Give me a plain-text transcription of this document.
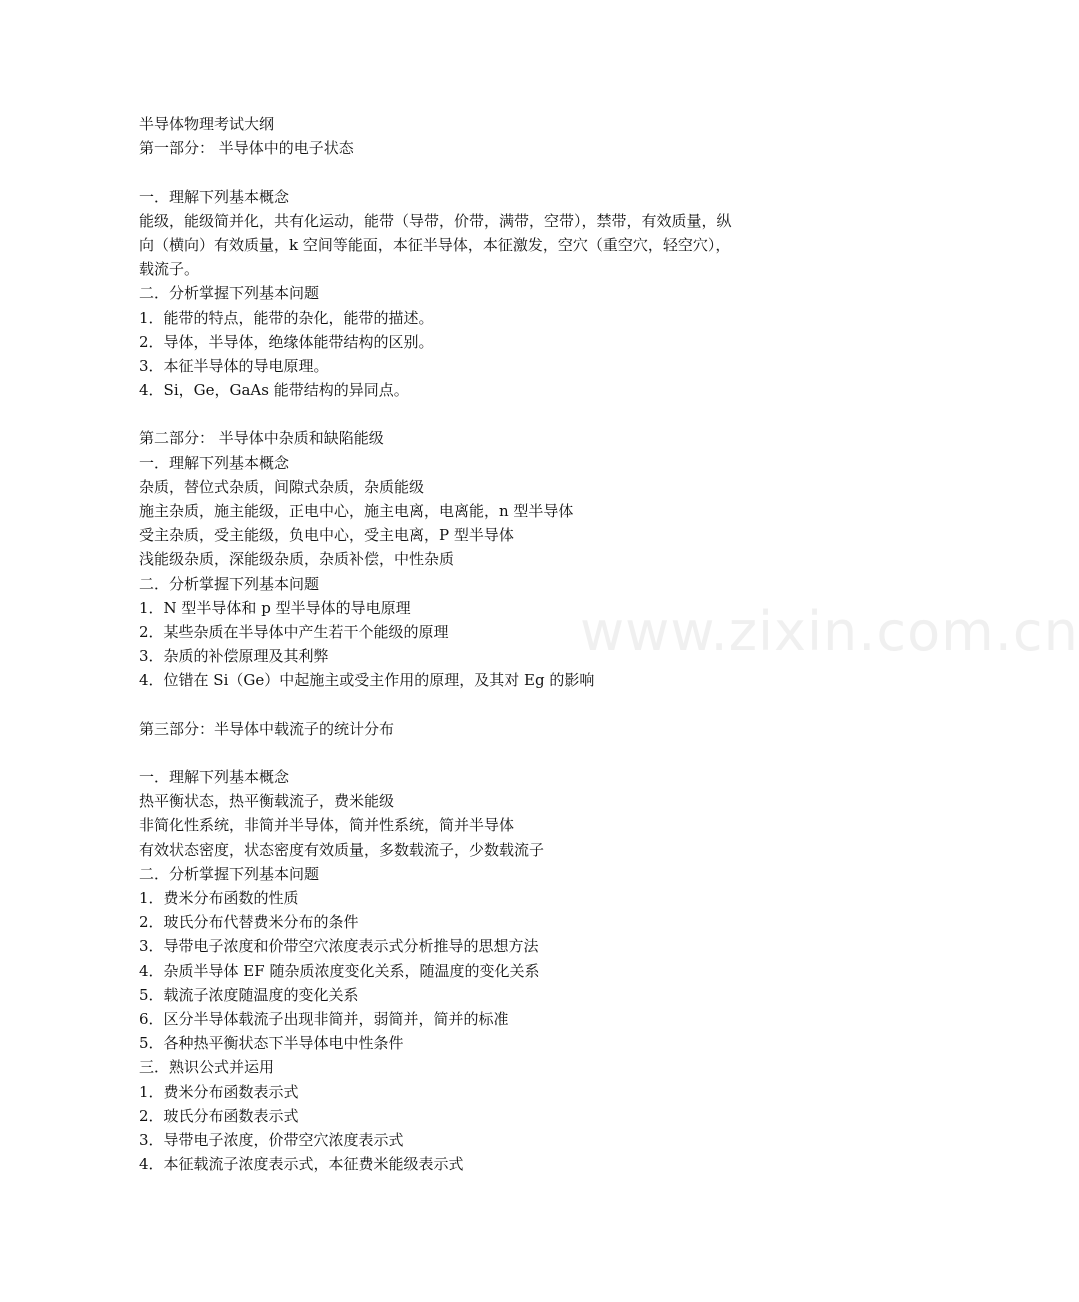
www.zixin.com.cn
半导体物理考试大纲
第一部分： 半导体中的电子状态
一．理解下列基本概念
能级，能级简并化，共有化运动，能带（导带，价带，满带，空带），禁带，有效质量，纵
向（横向）有效质量，k 空间等能面，本征半导体，本征激发，空穴（重空穴，轻空穴），
载流子。
二．分析掌握下列基本问题
1．能带的特点，能带的杂化，能带的描述。
2．导体，半导体，绝缘体能带结构的区别。
3．本征半导体的导电原理。
4．Si，Ge，GaAs 能带结构的异同点。
第二部分： 半导体中杂质和缺陷能级
一．理解下列基本概念
杂质，替位式杂质，间隙式杂质，杂质能级
施主杂质，施主能级，正电中心，施主电离，电离能，n 型半导体
受主杂质，受主能级，负电中心，受主电离，P 型半导体
浅能级杂质，深能级杂质，杂质补偿，中性杂质
二．分析掌握下列基本问题
1．N 型半导体和 p 型半导体的导电原理
2．某些杂质在半导体中产生若干个能级的原理
3．杂质的补偿原理及其利弊
4．位错在 Si（Ge）中起施主或受主作用的原理，及其对 Eg 的影响
第三部分：半导体中载流子的统计分布
一．理解下列基本概念
热平衡状态，热平衡载流子，费米能级
非简化性系统，非简并半导体，简并性系统，简并半导体
有效状态密度，状态密度有效质量，多数载流子，少数载流子
二．分析掌握下列基本问题
1．费米分布函数的性质
2．玻氏分布代替费米分布的条件
3．导带电子浓度和价带空穴浓度表示式分析推导的思想方法
4．杂质半导体 EF 随杂质浓度变化关系，随温度的变化关系
5．载流子浓度随温度的变化关系
6．区分半导体载流子出现非简并，弱简并，简并的标准
5．各种热平衡状态下半导体电中性条件
三．熟识公式并运用
1．费米分布函数表示式
2．玻氏分布函数表示式
3．导带电子浓度，价带空穴浓度表示式
4．本征载流子浓度表示式，本征费米能级表示式
